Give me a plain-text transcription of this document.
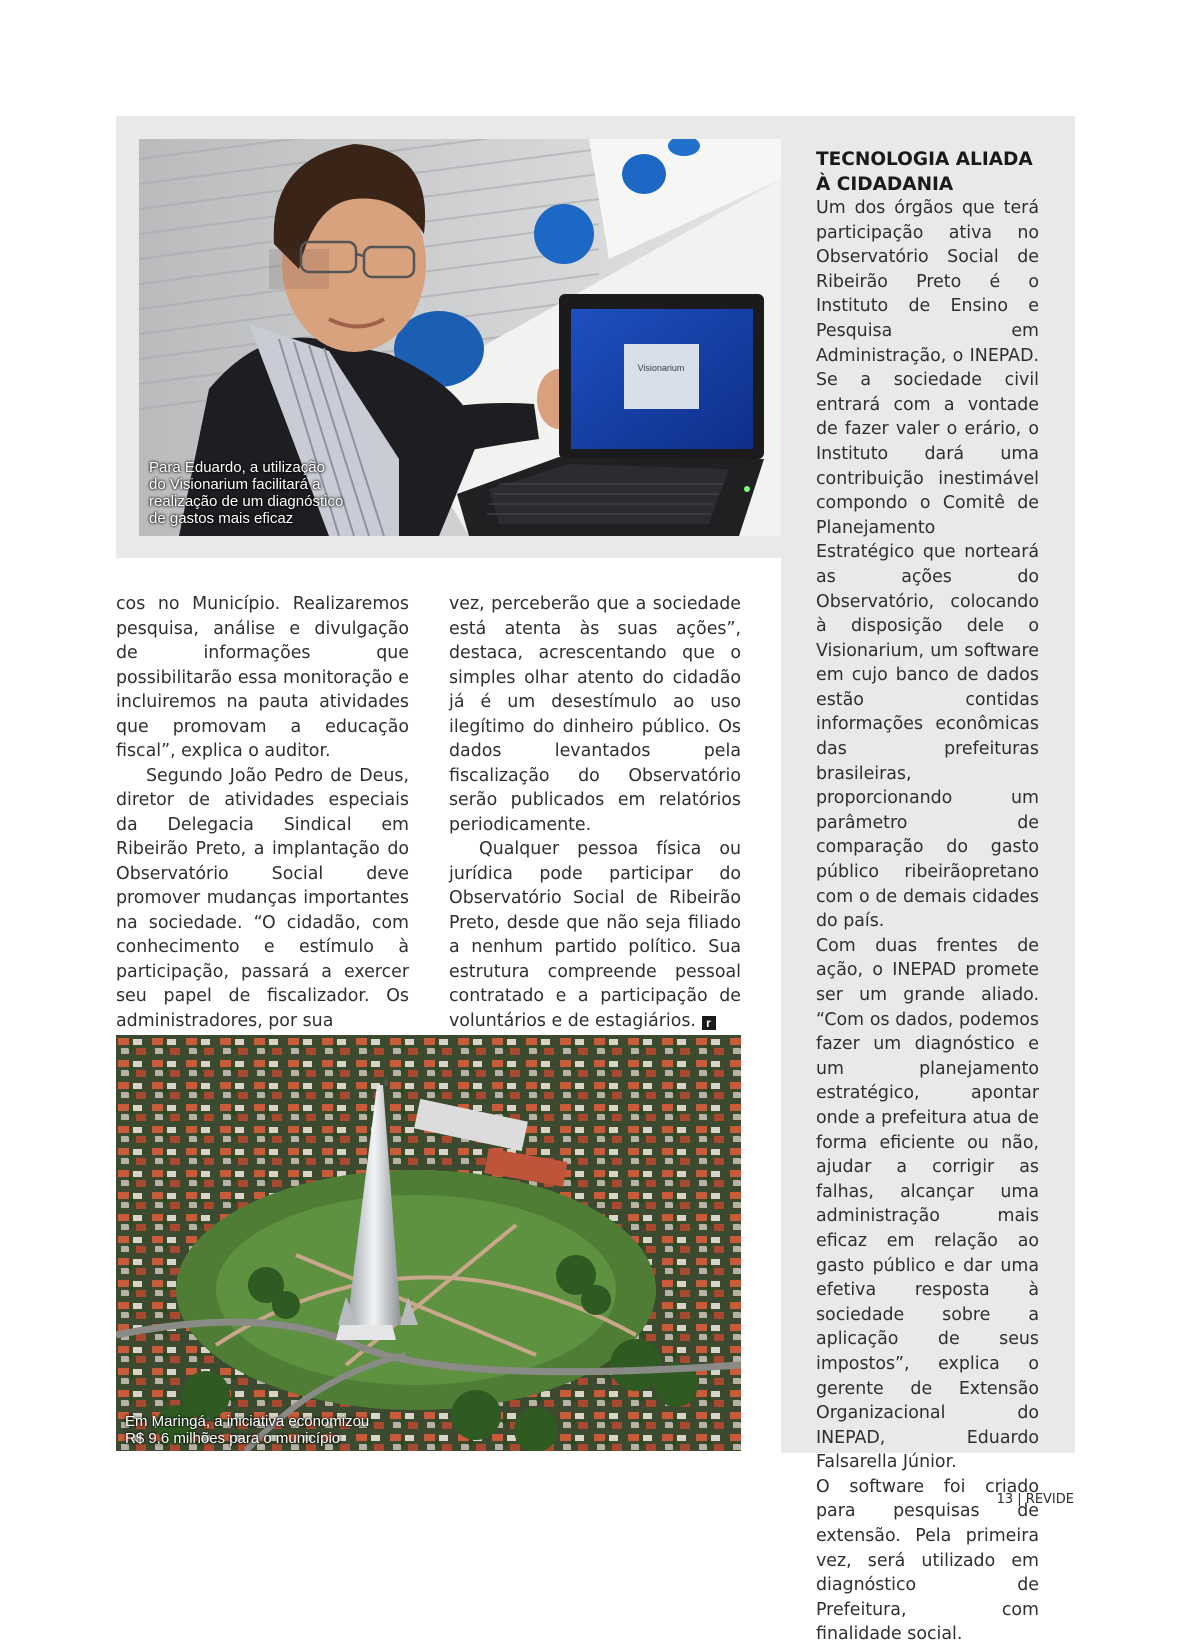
Visionarium
Para Eduardo, a utilização
do Visionarium facilitará a
realização de um diagnóstico
de gastos mais eficaz

cos no Município. Realizaremos pesquisa, análise e divulgação de informações que possibilitarão essa monitoração e incluiremos na pauta atividades que promovam a educação fiscal”, explica o auditor.

Segundo João Pedro de Deus, diretor de atividades especiais da Delegacia Sindical em Ribeirão Preto, a implantação do Observatório Social deve promover mudanças importantes na sociedade. “O cidadão, com conhecimento e estímulo à participação, passará a exercer seu papel de fiscalizador. Os administradores, por sua

vez, perceberão que a sociedade está atenta às suas ações”, destaca, acrescentando que o simples olhar atento do cidadão já é um desestímulo ao uso ilegítimo do dinheiro público. Os dados levantados pela fiscalização do Observatório serão publicados em relatórios periodicamente.

Qualquer pessoa física ou jurídica pode participar do Observatório Social de Ribeirão Preto, desde que não seja filiado a nenhum partido político. Sua estrutura compreende pessoal contratado e a participação de voluntários e de estagiários. r

Em Maringá, a iniciativa economizou
R$ 9,6 milhões para o município
TECNOLOGIA ALIADA
À CIDADANIA

Um dos órgãos que terá participação ativa no Observatório Social de Ribeirão Preto é o Instituto de Ensino e Pesquisa em Administração, o INEPAD. Se a sociedade civil entrará com a vontade de fazer valer o erário, o Instituto dará uma contribuição inestimável compondo o Comitê de Planejamento Estratégico que norteará as ações do Observatório, colocando à disposição dele o Visionarium, um software em cujo banco de dados estão contidas informações econômicas das prefeituras brasileiras, proporcionando um parâmetro de comparação do gasto público ribeirãopretano com o de demais cidades do país.

Com duas frentes de ação, o INEPAD promete ser um grande aliado. “Com os dados, podemos fazer um diagnóstico e um planejamento estratégico, apontar onde a prefeitura atua de forma eficiente ou não, ajudar a corrigir as falhas, alcançar uma administração mais eficaz em relação ao gasto público e dar uma efetiva resposta à sociedade sobre a aplicação de seus impostos”, explica o gerente de Extensão Organizacional do INEPAD, Eduardo Falsarella Júnior.

O software foi criado para pesquisas de extensão. Pela primeira vez, será utilizado em diagnóstico de Prefeitura, com finalidade social.

13 | REVIDE
